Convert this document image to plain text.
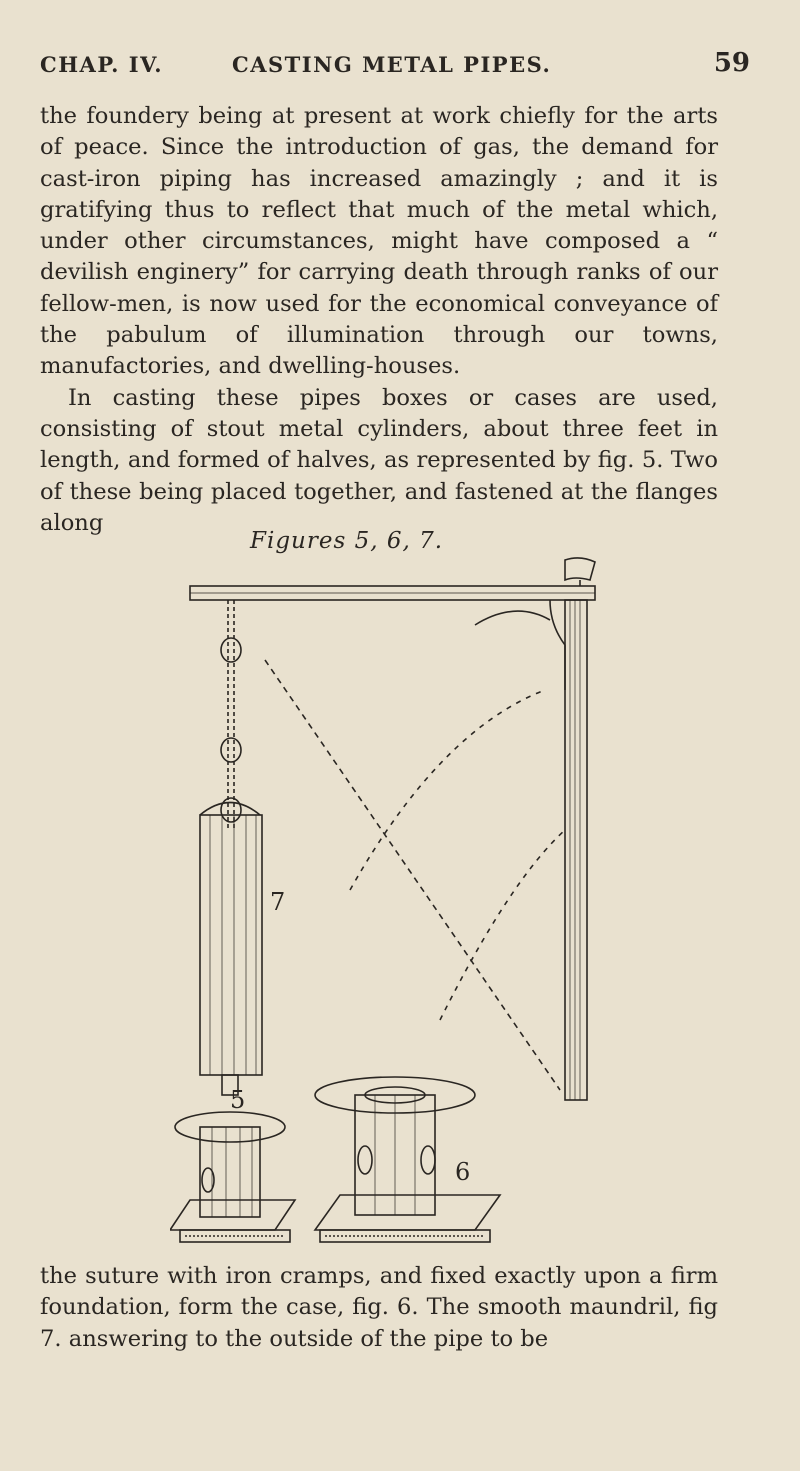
CHAP. IV.	CASTING METAL PIPES.	59
the foundery being at present at work chiefly for the arts of peace. Since the introduction of gas, the demand for cast-iron piping has increased amazingly ; and it is gratifying thus to reflect that much of the metal which, under other circumstances, might have composed a “ devilish enginery” for carrying death through ranks of our fellow-men, is now used for the economical conveyance of the pabulum of illumination through our towns, manufactories, and dwelling-houses.
In casting these pipes boxes or cases are used, consisting of stout metal cylinders, about three feet in length, and formed of halves, as represented by fig. 5. Two of these being placed together, and fastened at the flanges along
Figures 5, 6, 7.
5
6
7
the suture with iron cramps, and fixed exactly upon a firm foundation, form the case, fig. 6. The smooth maundril, fig 7. answering to the outside of the pipe to be
